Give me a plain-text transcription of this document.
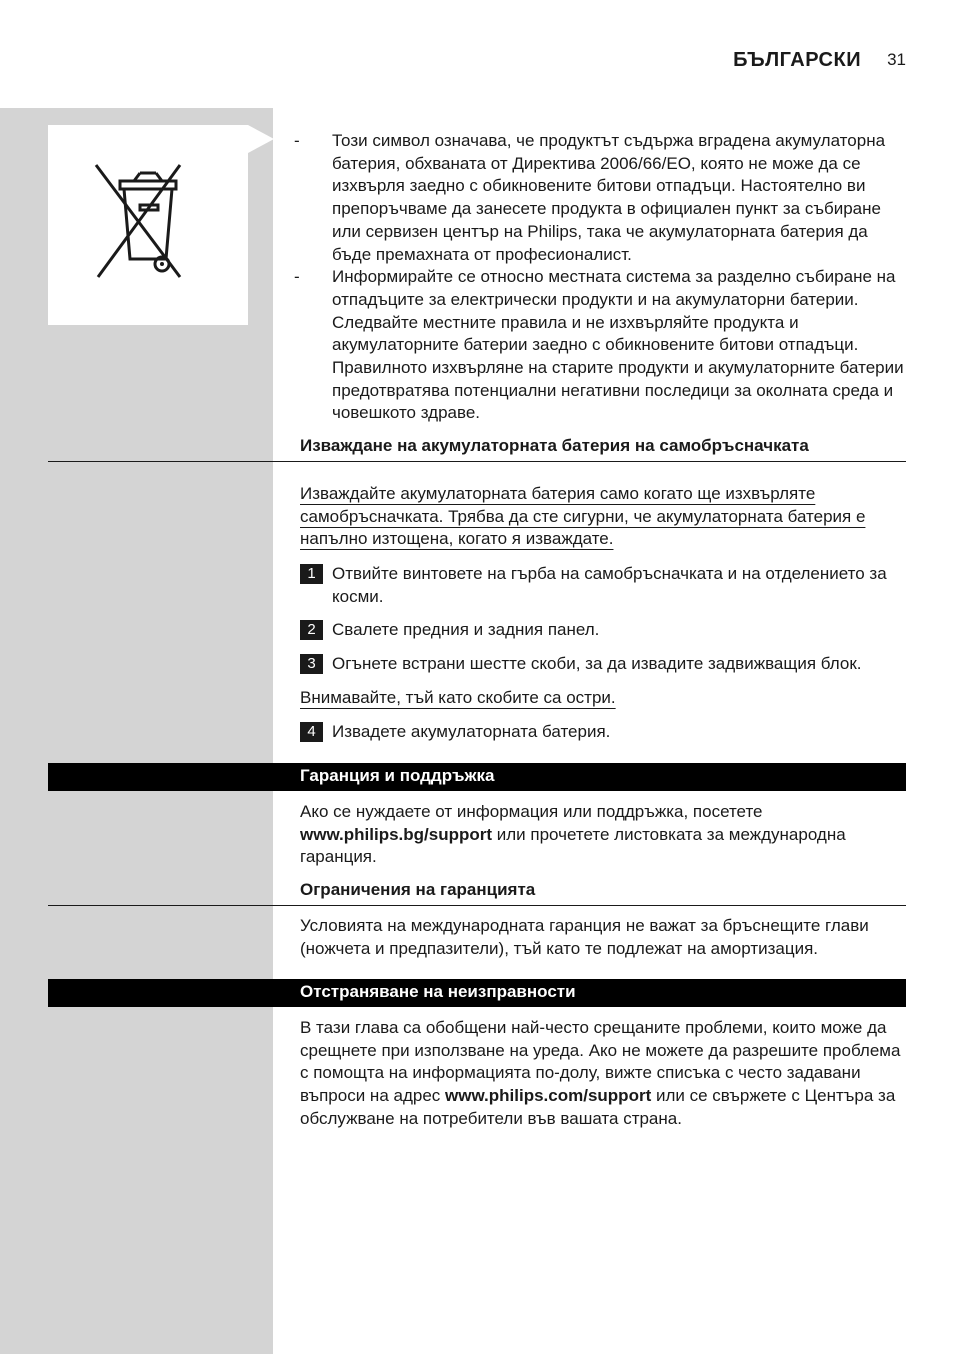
БЪЛГАРСКИ 31
- Този символ означава, че продуктът съдържа вградена акумулаторна батерия, обхваната от Директива 2006/66/EO, която не може да се изхвърля заедно с обикновените битови отпадъци. Настоятелно ви препоръчваме да занесете продукта в официален пункт за събиране или сервизен център на Philips, така че акумулаторната батерия да бъде премахната от професионалист.
- Информирайте се относно местната система за разделно събиране на отпадъците за електрически продукти и на акумулаторни батерии. Следвайте местните правила и не изхвърляйте продукта и акумулаторните батерии заедно с обикновените битови отпадъци. Правилното изхвърляне на старите продукти и акумулаторните батерии предотвратява потенциални негативни последици за околната среда и човешкото здраве.
Изваждане на акумулаторната батерия на самобръсначката
Изваждайте акумулаторната батерия само когато ще изхвърляте самобръсначката. Трябва да сте сигурни, че акумулаторната батерия е напълно изтощена, когато я изваждате.
1 Отвийте винтовете на гърба на самобръсначката и на отделението за косми.
2 Свалете предния и задния панел.
3 Огънете встрани шестте скоби, за да извадите задвижващия блок.
Внимавайте, тъй като скобите са остри.
4 Извадете акумулаторната батерия.
Гаранция и поддръжка
Ако се нуждаете от информация или поддръжка, посетете www.philips.bg/support или прочетете листовката за международна гаранция.
Ограничения на гаранцията
Условията на международната гаранция не важат за бръснещите глави (ножчета и предпазители), тъй като те подлежат на амортизация.
Отстраняване на неизправности
В тази глава са обобщени най-често срещаните проблеми, които може да срещнете при използване на уреда. Ако не можете да разрешите проблема с помощта на информацията по-долу, вижте списъка с често задавани въпроси на адрес www.philips.com/support или се свържете с Центъра за обслужване на потребители във вашата страна.
